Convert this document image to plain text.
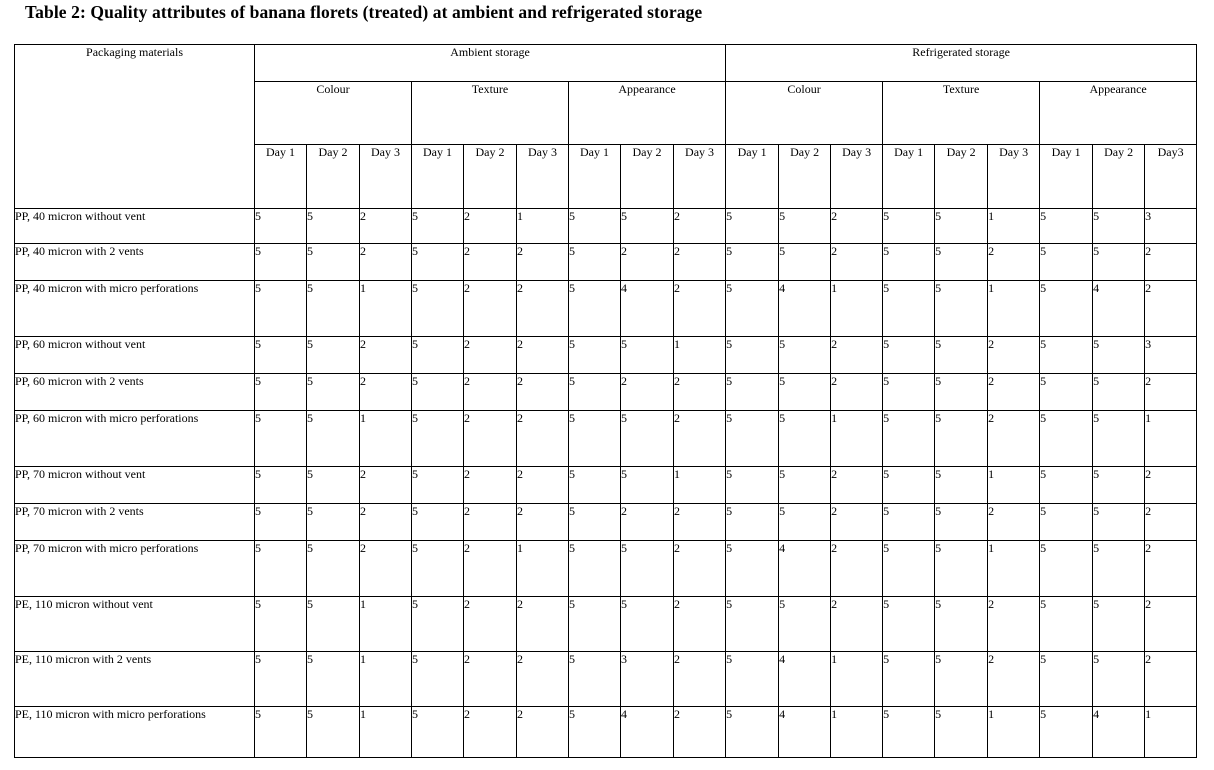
Table 2: Quality attributes of banana florets (treated) at ambient and refrigerated storage
Packaging materials	Ambient storage									Refrigerated storage								
	Colour			Texture			Appearance			Colour			Texture			Appearance		
	Day 1	Day 2	Day 3	Day 1	Day 2	Day 3	Day 1	Day 2	Day 3	Day 1	Day 2	Day 3	Day 1	Day 2	Day 3	Day 1	Day 2	Day3
PP, 40 micron without vent	5	5	2	5	2	1	5	5	2	5	5	2	5	5	1	5	5	3
PP, 40 micron with 2 vents	5	5	2	5	2	2	5	2	2	5	5	2	5	5	2	5	5	2
PP, 40 micron with micro perforations	5	5	1	5	2	2	5	4	2	5	4	1	5	5	1	5	4	2
PP, 60 micron without vent	5	5	2	5	2	2	5	5	1	5	5	2	5	5	2	5	5	3
PP, 60 micron with 2 vents	5	5	2	5	2	2	5	2	2	5	5	2	5	5	2	5	5	2
PP, 60 micron with micro perforations	5	5	1	5	2	2	5	5	2	5	5	1	5	5	2	5	5	1
PP, 70 micron without vent	5	5	2	5	2	2	5	5	1	5	5	2	5	5	1	5	5	2
PP, 70 micron with 2 vents	5	5	2	5	2	2	5	2	2	5	5	2	5	5	2	5	5	2
PP, 70 micron with micro perforations	5	5	2	5	2	1	5	5	2	5	4	2	5	5	1	5	5	2
PE, 110 micron without vent	5	5	1	5	2	2	5	5	2	5	5	2	5	5	2	5	5	2
PE, 110 micron with 2 vents	5	5	1	5	2	2	5	3	2	5	4	1	5	5	2	5	5	2
PE, 110 micron with micro perforations	5	5	1	5	2	2	5	4	2	5	4	1	5	5	1	5	4	1
